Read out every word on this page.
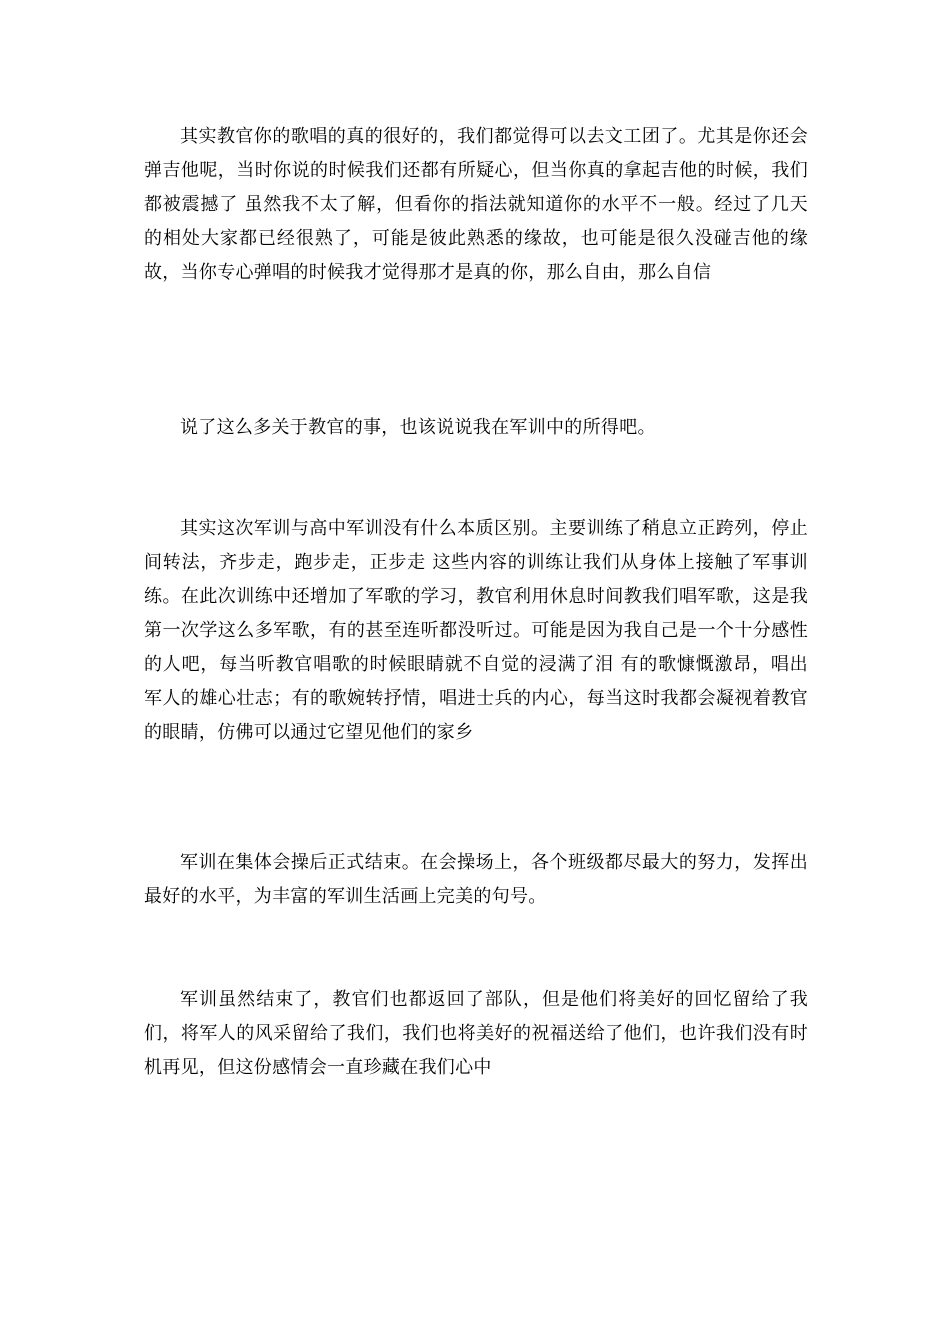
其实教官你的歌唱的真的很好的，我们都觉得可以去文工团了。尤其是你还会弹吉他呢，当时你说的时候我们还都有所疑心，但当你真的拿起吉他的时候，我们都被震撼了 虽然我不太了解，但看你的指法就知道你的水平不一般。经过了几天的相处大家都已经很熟了，可能是彼此熟悉的缘故，也可能是很久没碰吉他的缘故，当你专心弹唱的时候我才觉得那才是真的你，那么自由，那么自信

说了这么多关于教官的事，也该说说我在军训中的所得吧。

其实这次军训与高中军训没有什么本质区别。主要训练了稍息立正跨列，停止间转法，齐步走，跑步走，正步走 这些内容的训练让我们从身体上接触了军事训练。在此次训练中还增加了军歌的学习，教官利用休息时间教我们唱军歌，这是我第一次学这么多军歌，有的甚至连听都没听过。可能是因为我自己是一个十分感性的人吧，每当听教官唱歌的时候眼睛就不自觉的浸满了泪 有的歌慷慨激昂，唱出军人的雄心壮志；有的歌婉转抒情，唱进士兵的内心，每当这时我都会凝视着教官的眼睛，仿佛可以通过它望见他们的家乡

军训在集体会操后正式结束。在会操场上，各个班级都尽最大的努力，发挥出最好的水平，为丰富的军训生活画上完美的句号。

军训虽然结束了，教官们也都返回了部队，但是他们将美好的回忆留给了我们，将军人的风采留给了我们，我们也将美好的祝福送给了他们，也许我们没有时机再见，但这份感情会一直珍藏在我们心中
